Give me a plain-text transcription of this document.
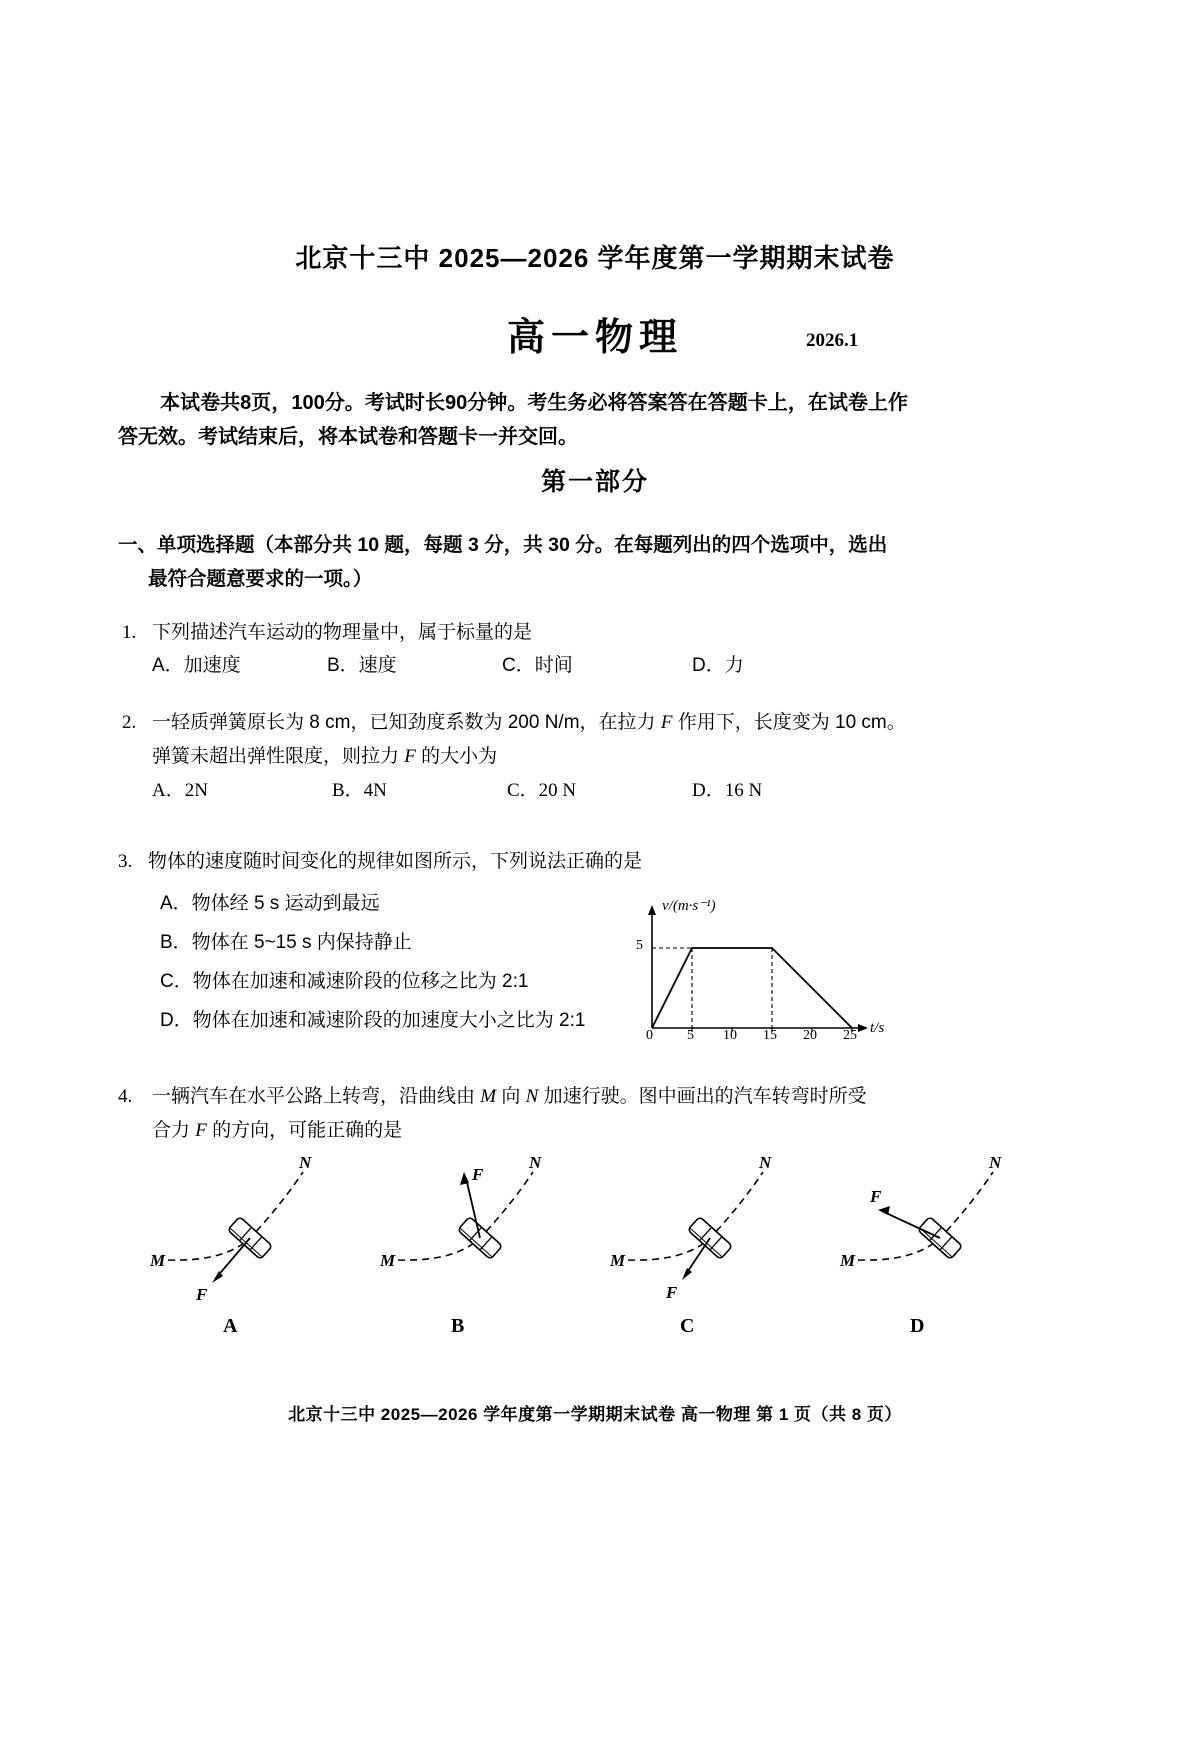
北京十三中 2025—2026 学年度第一学期期末试卷
高一物理	2026.1
本试卷共8页，100分。考试时长90分钟。考生务必将答案答在答题卡上，在试卷上作答无效。考试结束后，将本试卷和答题卡一并交回。
第一部分
一、单项选择题（本部分共 10 题，每题 3 分，共 30 分。在每题列出的四个选项中，选出
最符合题意要求的一项。）
1. 下列描述汽车运动的物理量中，属于标量的是
A．加速度	B．速度	C．时间	D．力
2. 一轻质弹簧原长为 8 cm，已知劲度系数为 200 N/m，在拉力 F 作用下，长度变为 10 cm。
弹簧未超出弹性限度，则拉力 F 的大小为
A．2N	B．4N	C．20 N	D．16 N
3. 物体的速度随时间变化的规律如图所示，下列说法正确的是
A．物体经 5 s 运动到最远
B．物体在 5~15 s 内保持静止
C．物体在加速和减速阶段的位移之比为 2:1
D．物体在加速和减速阶段的加速度大小之比为 2:1
v/(m·s⁻¹)
t/s
5
0 5 10 15 20 25
4.	一辆汽车在水平公路上转弯，沿曲线由 M 向 N 加速行驶。图中画出的汽车转弯时所受
合力 F 的方向，可能正确的是
N
M
F
A
N
M
F
B
N
M
F
C
N
M
F
D
北京十三中 2025—2026 学年度第一学期期末试卷 高一物理 第 1 页（共 8 页）
